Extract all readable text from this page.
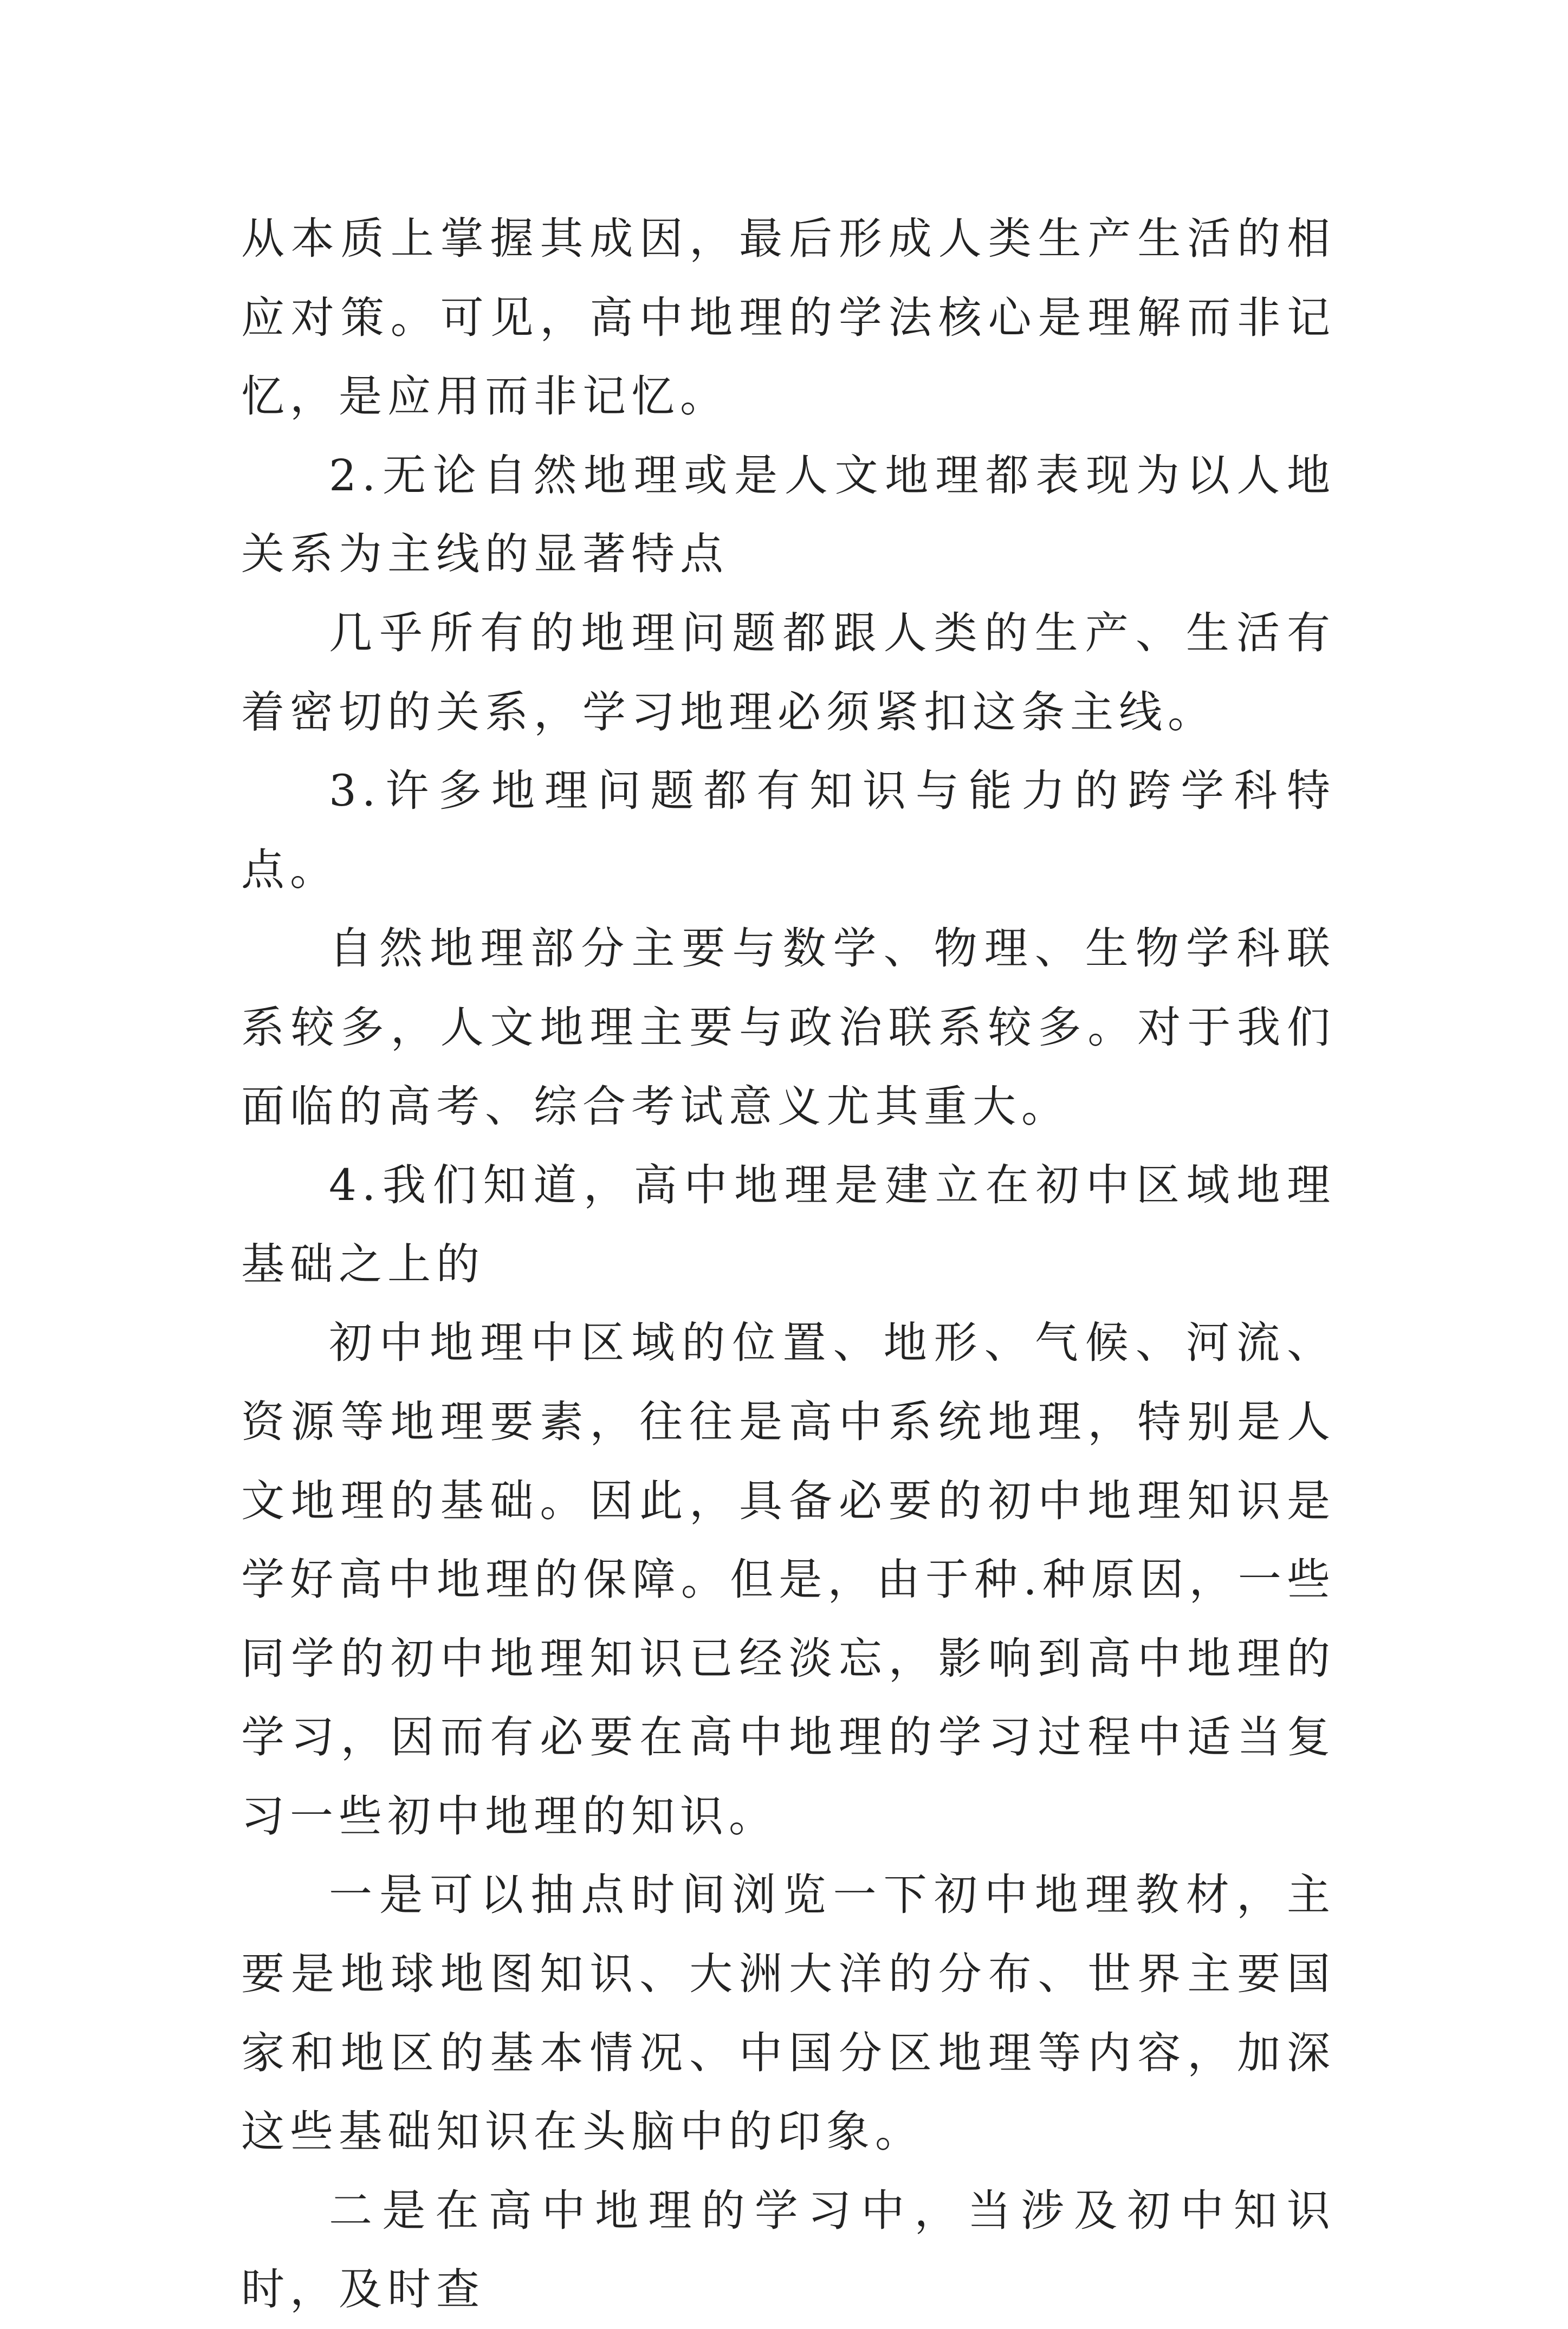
从本质上掌握其成因，最后形成人类生产生活的相应对策。可见，高中地理的学法核心是理解而非记忆，是应用而非记忆。

2.无论自然地理或是人文地理都表现为以人地关系为主线的显著特点

几乎所有的地理问题都跟人类的生产、生活有着密切的关系，学习地理必须紧扣这条主线。

3.许多地理问题都有知识与能力的跨学科特点。

自然地理部分主要与数学、物理、生物学科联系较多，人文地理主要与政治联系较多。对于我们面临的高考、综合考试意义尤其重大。

4.我们知道，高中地理是建立在初中区域地理基础之上的

初中地理中区域的位置、地形、气候、河流、资源等地理要素，往往是高中系统地理，特别是人文地理的基础。因此，具备必要的初中地理知识是学好高中地理的保障。但是，由于种.种原因，一些同学的初中地理知识已经淡忘，影响到高中地理的学习，因而有必要在高中地理的学习过程中适当复习一些初中地理的知识。

一是可以抽点时间浏览一下初中地理教材，主要是地球地图知识、大洲大洋的分布、世界主要国家和地区的基本情况、中国分区地理等内容，加深这些基础知识在头脑中的印象。

二是在高中地理的学习中，当涉及初中知识时，及时查
